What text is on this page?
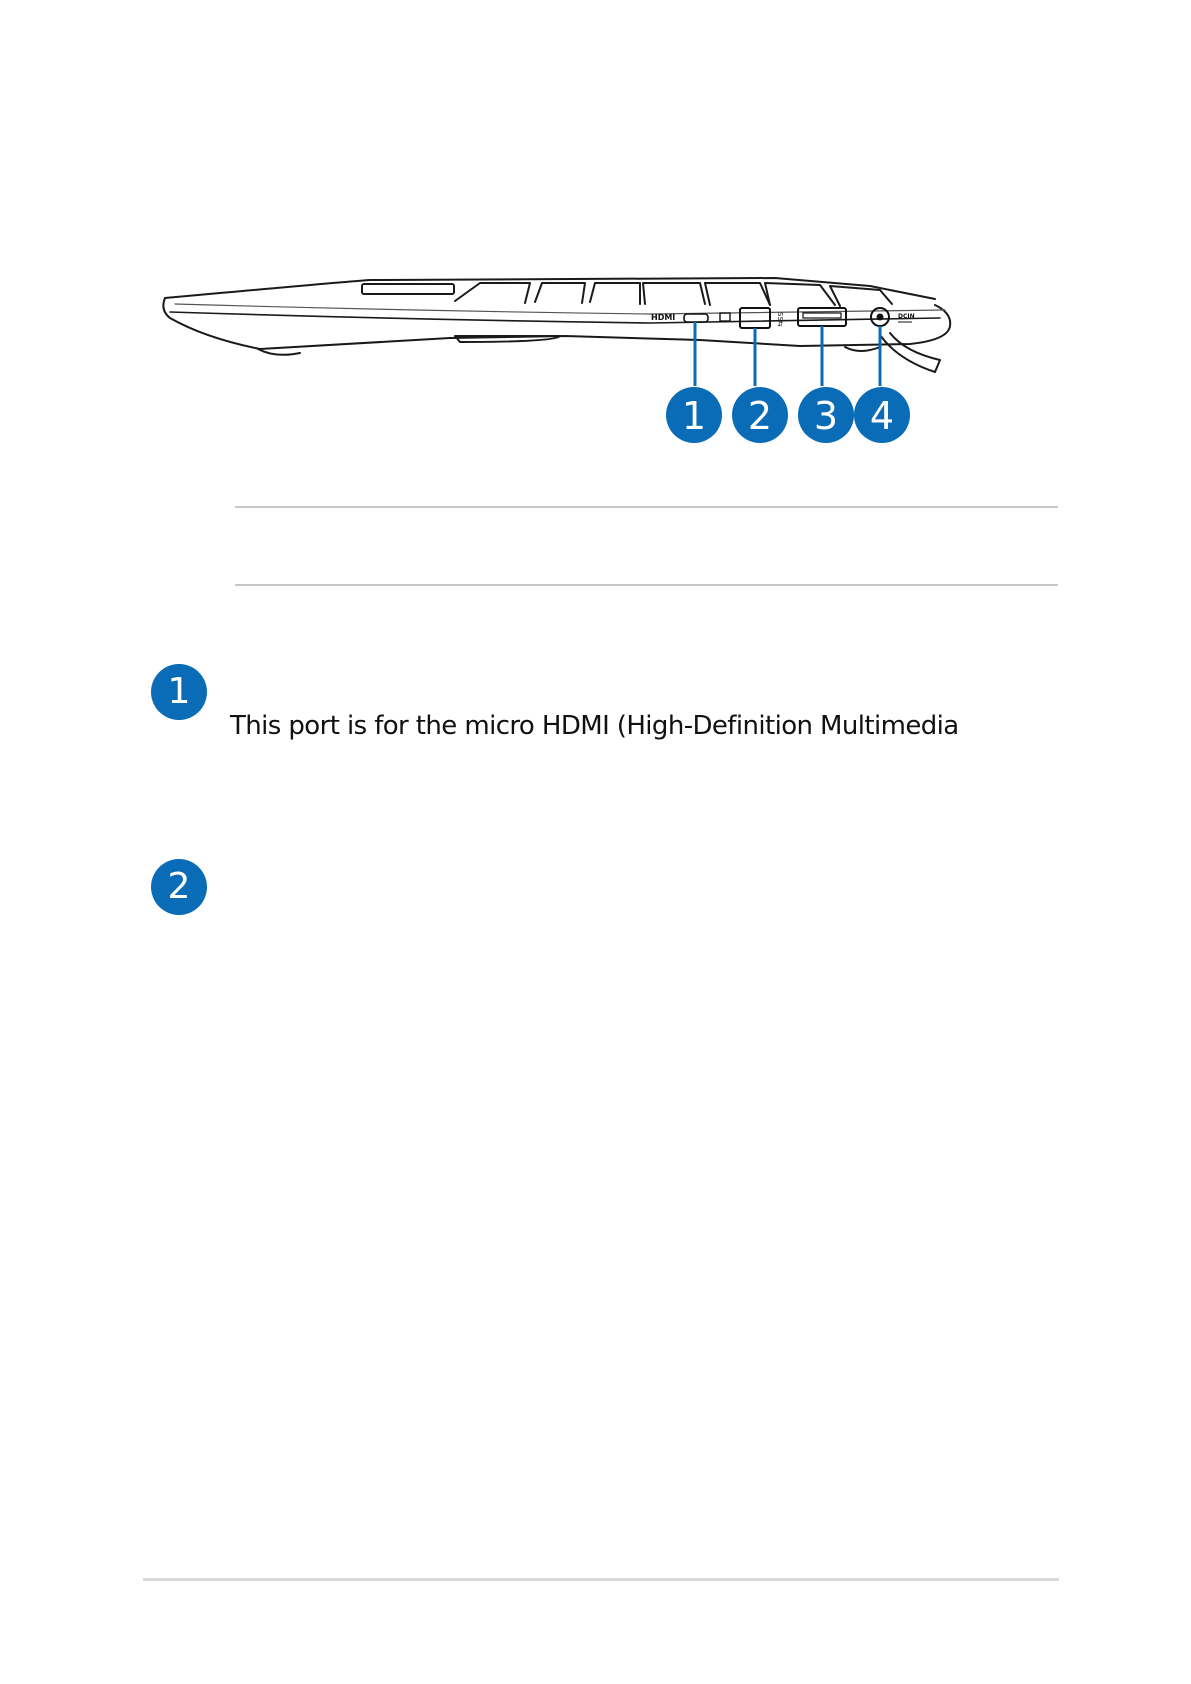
HDMI	SS⇆	DCIN
1 2 3 4
1
This port is for the micro HDMI (High-Definition Multimedia
2
